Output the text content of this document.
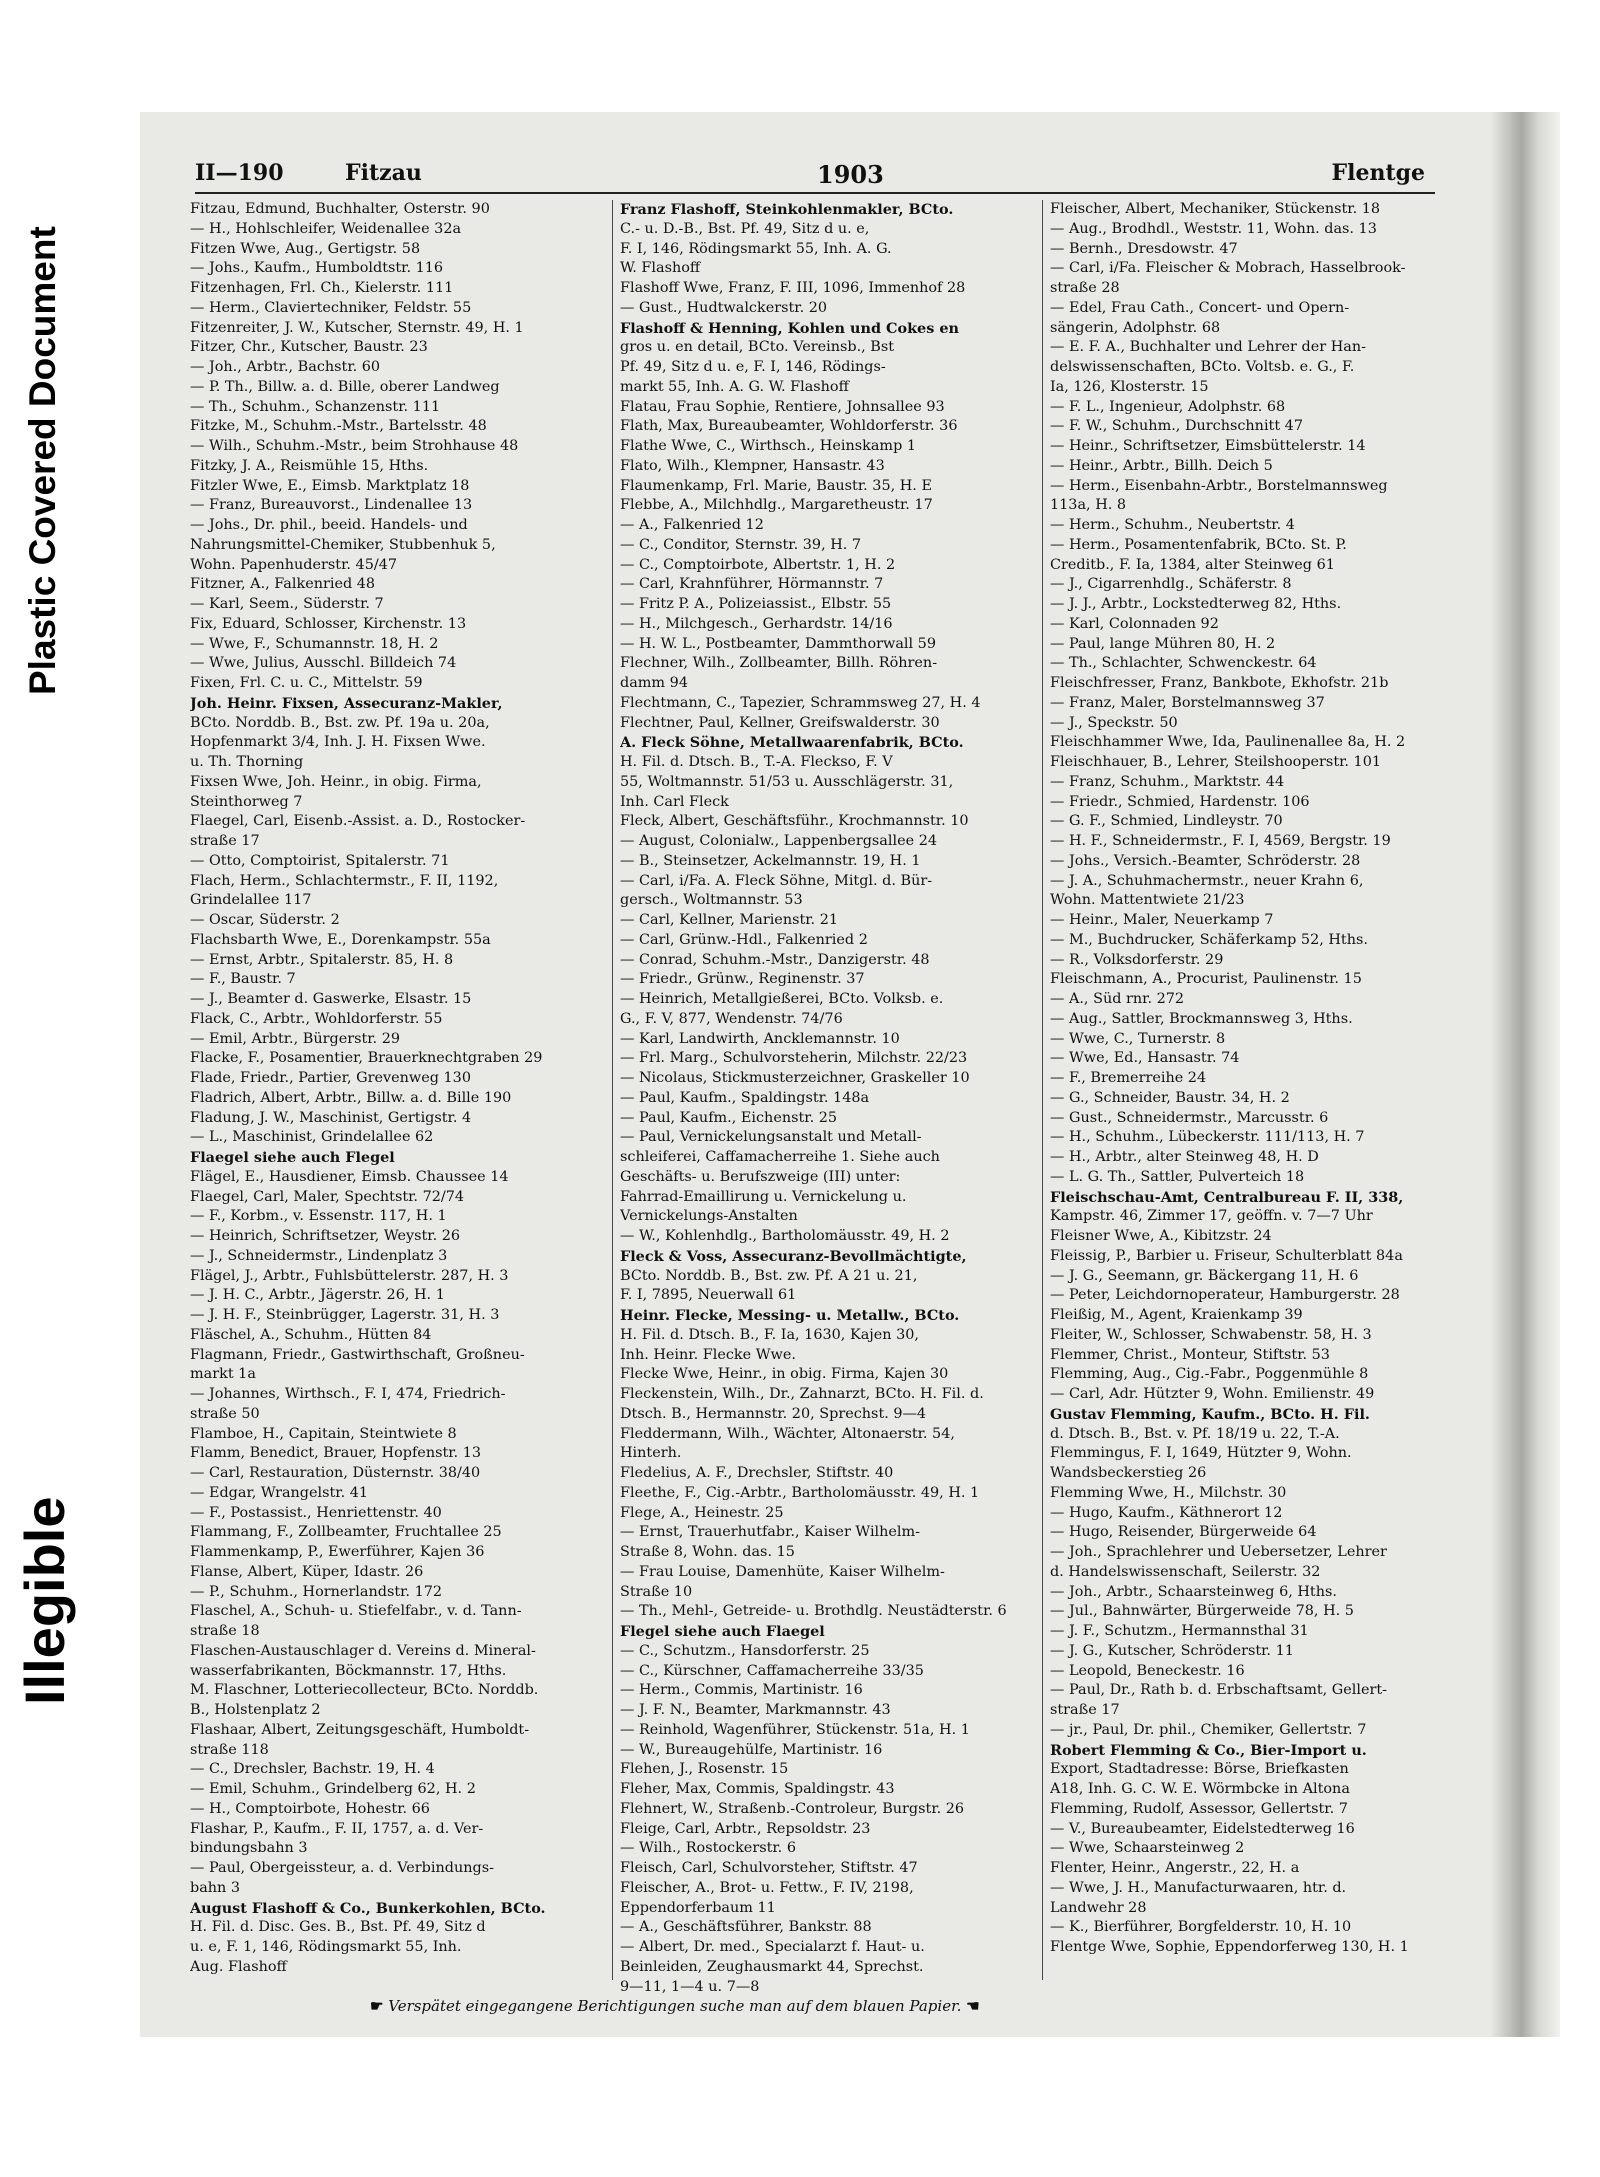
Plastic Covered Document
Illegible
II—190	Fitzau	1903	Flentge
Fitzau, Edmund, Buchhalter, Osterstr. 90
— H., Hohlschleifer, Weidenallee 32a
Fitzen Wwe, Aug., Gertigstr. 58
— Johs., Kaufm., Humboldtstr. 116
Fitzenhagen, Frl. Ch., Kielerstr. 111
— Herm., Claviertechniker, Feldstr. 55
Fitzenreiter, J. W., Kutscher, Sternstr. 49, H. 1
Fitzer, Chr., Kutscher, Baustr. 23
— Joh., Arbtr., Bachstr. 60
— P. Th., Billw. a. d. Bille, oberer Landweg
— Th., Schuhm., Schanzenstr. 111
Fitzke, M., Schuhm.-Mstr., Bartelsstr. 48
— Wilh., Schuhm.-Mstr., beim Strohhause 48
Fitzky, J. A., Reismühle 15, Hths.
Fitzler Wwe, E., Eimsb. Marktplatz 18
— Franz, Bureauvorst., Lindenallee 13
— Johs., Dr. phil., beeid. Handels- und
Nahrungsmittel-Chemiker, Stubbenhuk 5,
Wohn. Papenhuderstr. 45/47
Fitzner, A., Falkenried 48
— Karl, Seem., Süderstr. 7
Fix, Eduard, Schlosser, Kirchenstr. 13
— Wwe, F., Schumannstr. 18, H. 2
— Wwe, Julius, Ausschl. Billdeich 74
Fixen, Frl. C. u. C., Mittelstr. 59
Joh. Heinr. Fixsen, Assecuranz-Makler,
BCto. Norddb. B., Bst. zw. Pf. 19a u. 20a,
Hopfenmarkt 3/4, Inh. J. H. Fixsen Wwe.
u. Th. Thorning
Fixsen Wwe, Joh. Heinr., in obig. Firma,
Steinthorweg 7
Flaegel, Carl, Eisenb.-Assist. a. D., Rostocker-
straße 17
— Otto, Comptoirist, Spitalerstr. 71
Flach, Herm., Schlachtermstr., F. II, 1192,
Grindelallee 117
— Oscar, Süderstr. 2
Flachsbarth Wwe, E., Dorenkampstr. 55a
— Ernst, Arbtr., Spitalerstr. 85, H. 8
— F., Baustr. 7
— J., Beamter d. Gaswerke, Elsastr. 15
Flack, C., Arbtr., Wohldorferstr. 55
— Emil, Arbtr., Bürgerstr. 29
Flacke, F., Posamentier, Brauerknechtgraben 29
Flade, Friedr., Partier, Grevenweg 130
Fladrich, Albert, Arbtr., Billw. a. d. Bille 190
Fladung, J. W., Maschinist, Gertigstr. 4
— L., Maschinist, Grindelallee 62
Flaegel siehe auch Flegel
Flägel, E., Hausdiener, Eimsb. Chaussee 14
Flaegel, Carl, Maler, Spechtstr. 72/74
— F., Korbm., v. Essenstr. 117, H. 1
— Heinrich, Schriftsetzer, Weystr. 26
— J., Schneidermstr., Lindenplatz 3
Flägel, J., Arbtr., Fuhlsbüttelerstr. 287, H. 3
— J. H. C., Arbtr., Jägerstr. 26, H. 1
— J. H. F., Steinbrügger, Lagerstr. 31, H. 3
Fläschel, A., Schuhm., Hütten 84
Flagmann, Friedr., Gastwirthschaft, Großneu-
markt 1a
— Johannes, Wirthsch., F. I, 474, Friedrich-
straße 50
Flamboe, H., Capitain, Steintwiete 8
Flamm, Benedict, Brauer, Hopfenstr. 13
— Carl, Restauration, Düsternstr. 38/40
— Edgar, Wrangelstr. 41
— F., Postassist., Henriettenstr. 40
Flammang, F., Zollbeamter, Fruchtallee 25
Flammenkamp, P., Ewerführer, Kajen 36
Flanse, Albert, Küper, Idastr. 26
— P., Schuhm., Hornerlandstr. 172
Flaschel, A., Schuh- u. Stiefelfabr., v. d. Tann-
straße 18
Flaschen-Austauschlager d. Vereins d. Mineral-
wasserfabrikanten, Böckmannstr. 17, Hths.
M. Flaschner, Lotteriecollecteur, BCto. Norddb.
B., Holstenplatz 2
Flashaar, Albert, Zeitungsgeschäft, Humboldt-
straße 118
— C., Drechsler, Bachstr. 19, H. 4
— Emil, Schuhm., Grindelberg 62, H. 2
— H., Comptoirbote, Hohestr. 66
Flashar, P., Kaufm., F. II, 1757, a. d. Ver-
bindungsbahn 3
— Paul, Obergeissteur, a. d. Verbindungs-
bahn 3
August Flashoff & Co., Bunkerkohlen, BCto.
H. Fil. d. Disc. Ges. B., Bst. Pf. 49, Sitz d
u. e, F. 1, 146, Rödingsmarkt 55, Inh.
Aug. Flashoff
Franz Flashoff, Steinkohlenmakler, BCto.
C.- u. D.-B., Bst. Pf. 49, Sitz d u. e,
F. I, 146, Rödingsmarkt 55, Inh. A. G.
W. Flashoff
Flashoff Wwe, Franz, F. III, 1096, Immenhof 28
— Gust., Hudtwalckerstr. 20
Flashoff & Henning, Kohlen und Cokes en
gros u. en detail, BCto. Vereinsb., Bst
Pf. 49, Sitz d u. e, F. I, 146, Rödings-
markt 55, Inh. A. G. W. Flashoff
Flatau, Frau Sophie, Rentiere, Johnsallee 93
Flath, Max, Bureaubeamter, Wohldorferstr. 36
Flathe Wwe, C., Wirthsch., Heinskamp 1
Flato, Wilh., Klempner, Hansastr. 43
Flaumenkamp, Frl. Marie, Baustr. 35, H. E
Flebbe, A., Milchhdlg., Margaretheustr. 17
— A., Falkenried 12
— C., Conditor, Sternstr. 39, H. 7
— C., Comptoirbote, Albertstr. 1, H. 2
— Carl, Krahnführer, Hörmannstr. 7
— Fritz P. A., Polizeiassist., Elbstr. 55
— H., Milchgesch., Gerhardstr. 14/16
— H. W. L., Postbeamter, Dammthorwall 59
Flechner, Wilh., Zollbeamter, Billh. Röhren-
damm 94
Flechtmann, C., Tapezier, Schrammsweg 27, H. 4
Flechtner, Paul, Kellner, Greifswalderstr. 30
A. Fleck Söhne, Metallwaarenfabrik, BCto.
H. Fil. d. Dtsch. B., T.-A. Fleckso, F. V
55, Woltmannstr. 51/53 u. Ausschlägerstr. 31,
Inh. Carl Fleck
Fleck, Albert, Geschäftsführ., Krochmannstr. 10
— August, Colonialw., Lappenbergsallee 24
— B., Steinsetzer, Ackelmannstr. 19, H. 1
— Carl, i/Fa. A. Fleck Söhne, Mitgl. d. Bür-
gersch., Woltmannstr. 53
— Carl, Kellner, Marienstr. 21
— Carl, Grünw.-Hdl., Falkenried 2
— Conrad, Schuhm.-Mstr., Danzigerstr. 48
— Friedr., Grünw., Reginenstr. 37
— Heinrich, Metallgießerei, BCto. Volksb. e.
G., F. V, 877, Wendenstr. 74/76
— Karl, Landwirth, Ancklemannstr. 10
— Frl. Marg., Schulvorsteherin, Milchstr. 22/23
— Nicolaus, Stickmusterzeichner, Graskeller 10
— Paul, Kaufm., Spaldingstr. 148a
— Paul, Kaufm., Eichenstr. 25
— Paul, Vernickelungsanstalt und Metall-
schleiferei, Caffamacherreihe 1. Siehe auch
Geschäfts- u. Berufszweige (III) unter:
Fahrrad-Emaillirung u. Vernickelung u.
Vernickelungs-Anstalten
— W., Kohlenhdlg., Bartholomäusstr. 49, H. 2
Fleck & Voss, Assecuranz-Bevollmächtigte,
BCto. Norddb. B., Bst. zw. Pf. A 21 u. 21,
F. I, 7895, Neuerwall 61
Heinr. Flecke, Messing- u. Metallw., BCto.
H. Fil. d. Dtsch. B., F. Ia, 1630, Kajen 30,
Inh. Heinr. Flecke Wwe.
Flecke Wwe, Heinr., in obig. Firma, Kajen 30
Fleckenstein, Wilh., Dr., Zahnarzt, BCto. H. Fil. d.
Dtsch. B., Hermannstr. 20, Sprechst. 9—4
Fleddermann, Wilh., Wächter, Altonaerstr. 54,
Hinterh.
Fledelius, A. F., Drechsler, Stiftstr. 40
Fleethe, F., Cig.-Arbtr., Bartholomäusstr. 49, H. 1
Flege, A., Heinestr. 25
— Ernst, Trauerhutfabr., Kaiser Wilhelm-
Straße 8, Wohn. das. 15
— Frau Louise, Damenhüte, Kaiser Wilhelm-
Straße 10
— Th., Mehl-, Getreide- u. Brothdlg. Neustädterstr. 6
Flegel siehe auch Flaegel
— C., Schutzm., Hansdorferstr. 25
— C., Kürschner, Caffamacherreihe 33/35
— Herm., Commis, Martinistr. 16
— J. F. N., Beamter, Markmannstr. 43
— Reinhold, Wagenführer, Stückenstr. 51a, H. 1
— W., Bureaugehülfe, Martinistr. 16
Flehen, J., Rosenstr. 15
Fleher, Max, Commis, Spaldingstr. 43
Flehnert, W., Straßenb.-Controleur, Burgstr. 26
Fleige, Carl, Arbtr., Repsoldstr. 23
— Wilh., Rostockerstr. 6
Fleisch, Carl, Schulvorsteher, Stiftstr. 47
Fleischer, A., Brot- u. Fettw., F. IV, 2198,
Eppendorferbaum 11
— A., Geschäftsführer, Bankstr. 88
— Albert, Dr. med., Specialarzt f. Haut- u.
Beinleiden, Zeughausmarkt 44, Sprechst.
9—11, 1—4 u. 7—8
Fleischer, Albert, Mechaniker, Stückenstr. 18
— Aug., Brodhdl., Weststr. 11, Wohn. das. 13
— Bernh., Dresdowstr. 47
— Carl, i/Fa. Fleischer & Mobrach, Hasselbrook-
straße 28
— Edel, Frau Cath., Concert- und Opern-
sängerin, Adolphstr. 68
— E. F. A., Buchhalter und Lehrer der Han-
delswissenschaften, BCto. Voltsb. e. G., F.
Ia, 126, Klosterstr. 15
— F. L., Ingenieur, Adolphstr. 68
— F. W., Schuhm., Durchschnitt 47
— Heinr., Schriftsetzer, Eimsbüttelerstr. 14
— Heinr., Arbtr., Billh. Deich 5
— Herm., Eisenbahn-Arbtr., Borstelmannsweg
113a, H. 8
— Herm., Schuhm., Neubertstr. 4
— Herm., Posamentenfabrik, BCto. St. P.
Creditb., F. Ia, 1384, alter Steinweg 61
— J., Cigarrenhdlg., Schäferstr. 8
— J. J., Arbtr., Lockstedterweg 82, Hths.
— Karl, Colonnaden 92
— Paul, lange Mühren 80, H. 2
— Th., Schlachter, Schwenckestr. 64
Fleischfresser, Franz, Bankbote, Ekhofstr. 21b
— Franz, Maler, Borstelmannsweg 37
— J., Speckstr. 50
Fleischhammer Wwe, Ida, Paulinenallee 8a, H. 2
Fleischhauer, B., Lehrer, Steilshooperstr. 101
— Franz, Schuhm., Marktstr. 44
— Friedr., Schmied, Hardenstr. 106
— G. F., Schmied, Lindleystr. 70
— H. F., Schneidermstr., F. I, 4569, Bergstr. 19
— Johs., Versich.-Beamter, Schröderstr. 28
— J. A., Schuhmachermstr., neuer Krahn 6,
Wohn. Mattentwiete 21/23
— Heinr., Maler, Neuerkamp 7
— M., Buchdrucker, Schäferkamp 52, Hths.
— R., Volksdorferstr. 29
Fleischmann, A., Procurist, Paulinenstr. 15
— A., Süd rnr. 272
— Aug., Sattler, Brockmannsweg 3, Hths.
— Wwe, C., Turnerstr. 8
— Wwe, Ed., Hansastr. 74
— F., Bremerreihe 24
— G., Schneider, Baustr. 34, H. 2
— Gust., Schneidermstr., Marcusstr. 6
— H., Schuhm., Lübeckerstr. 111/113, H. 7
— H., Arbtr., alter Steinweg 48, H. D
— L. G. Th., Sattler, Pulverteich 18
Fleischschau-Amt, Centralbureau F. II, 338,
Kampstr. 46, Zimmer 17, geöffn. v. 7—7 Uhr
Fleisner Wwe, A., Kibitzstr. 24
Fleissig, P., Barbier u. Friseur, Schulterblatt 84a
— J. G., Seemann, gr. Bäckergang 11, H. 6
— Peter, Leichdornoperateur, Hamburgerstr. 28
Fleißig, M., Agent, Kraienkamp 39
Fleiter, W., Schlosser, Schwabenstr. 58, H. 3
Flemmer, Christ., Monteur, Stiftstr. 53
Flemming, Aug., Cig.-Fabr., Poggenmühle 8
— Carl, Adr. Hützter 9, Wohn. Emilienstr. 49
Gustav Flemming, Kaufm., BCto. H. Fil.
d. Dtsch. B., Bst. v. Pf. 18/19 u. 22, T.-A.
Flemmingus, F. I, 1649, Hützter 9, Wohn.
Wandsbeckerstieg 26
Flemming Wwe, H., Milchstr. 30
— Hugo, Kaufm., Käthnerort 12
— Hugo, Reisender, Bürgerweide 64
— Joh., Sprachlehrer und Uebersetzer, Lehrer
d. Handelswissenschaft, Seilerstr. 32
— Joh., Arbtr., Schaarsteinweg 6, Hths.
— Jul., Bahnwärter, Bürgerweide 78, H. 5
— J. F., Schutzm., Hermannsthal 31
— J. G., Kutscher, Schröderstr. 11
— Leopold, Beneckestr. 16
— Paul, Dr., Rath b. d. Erbschaftsamt, Gellert-
straße 17
— jr., Paul, Dr. phil., Chemiker, Gellertstr. 7
Robert Flemming & Co., Bier-Import u.
Export, Stadtadresse: Börse, Briefkasten
A18, Inh. G. C. W. E. Wörmbcke in Altona
Flemming, Rudolf, Assessor, Gellertstr. 7
— V., Bureaubeamter, Eidelstedterweg 16
— Wwe, Schaarsteinweg 2
Flenter, Heinr., Angerstr., 22, H. a
— Wwe, J. H., Manufacturwaaren, htr. d.
Landwehr 28
— K., Bierführer, Borgfelderstr. 10, H. 10
Flentge Wwe, Sophie, Eppendorferweg 130, H. 1
☛ Verspätet eingegangene Berichtigungen suche man auf dem blauen Papier. ☚
